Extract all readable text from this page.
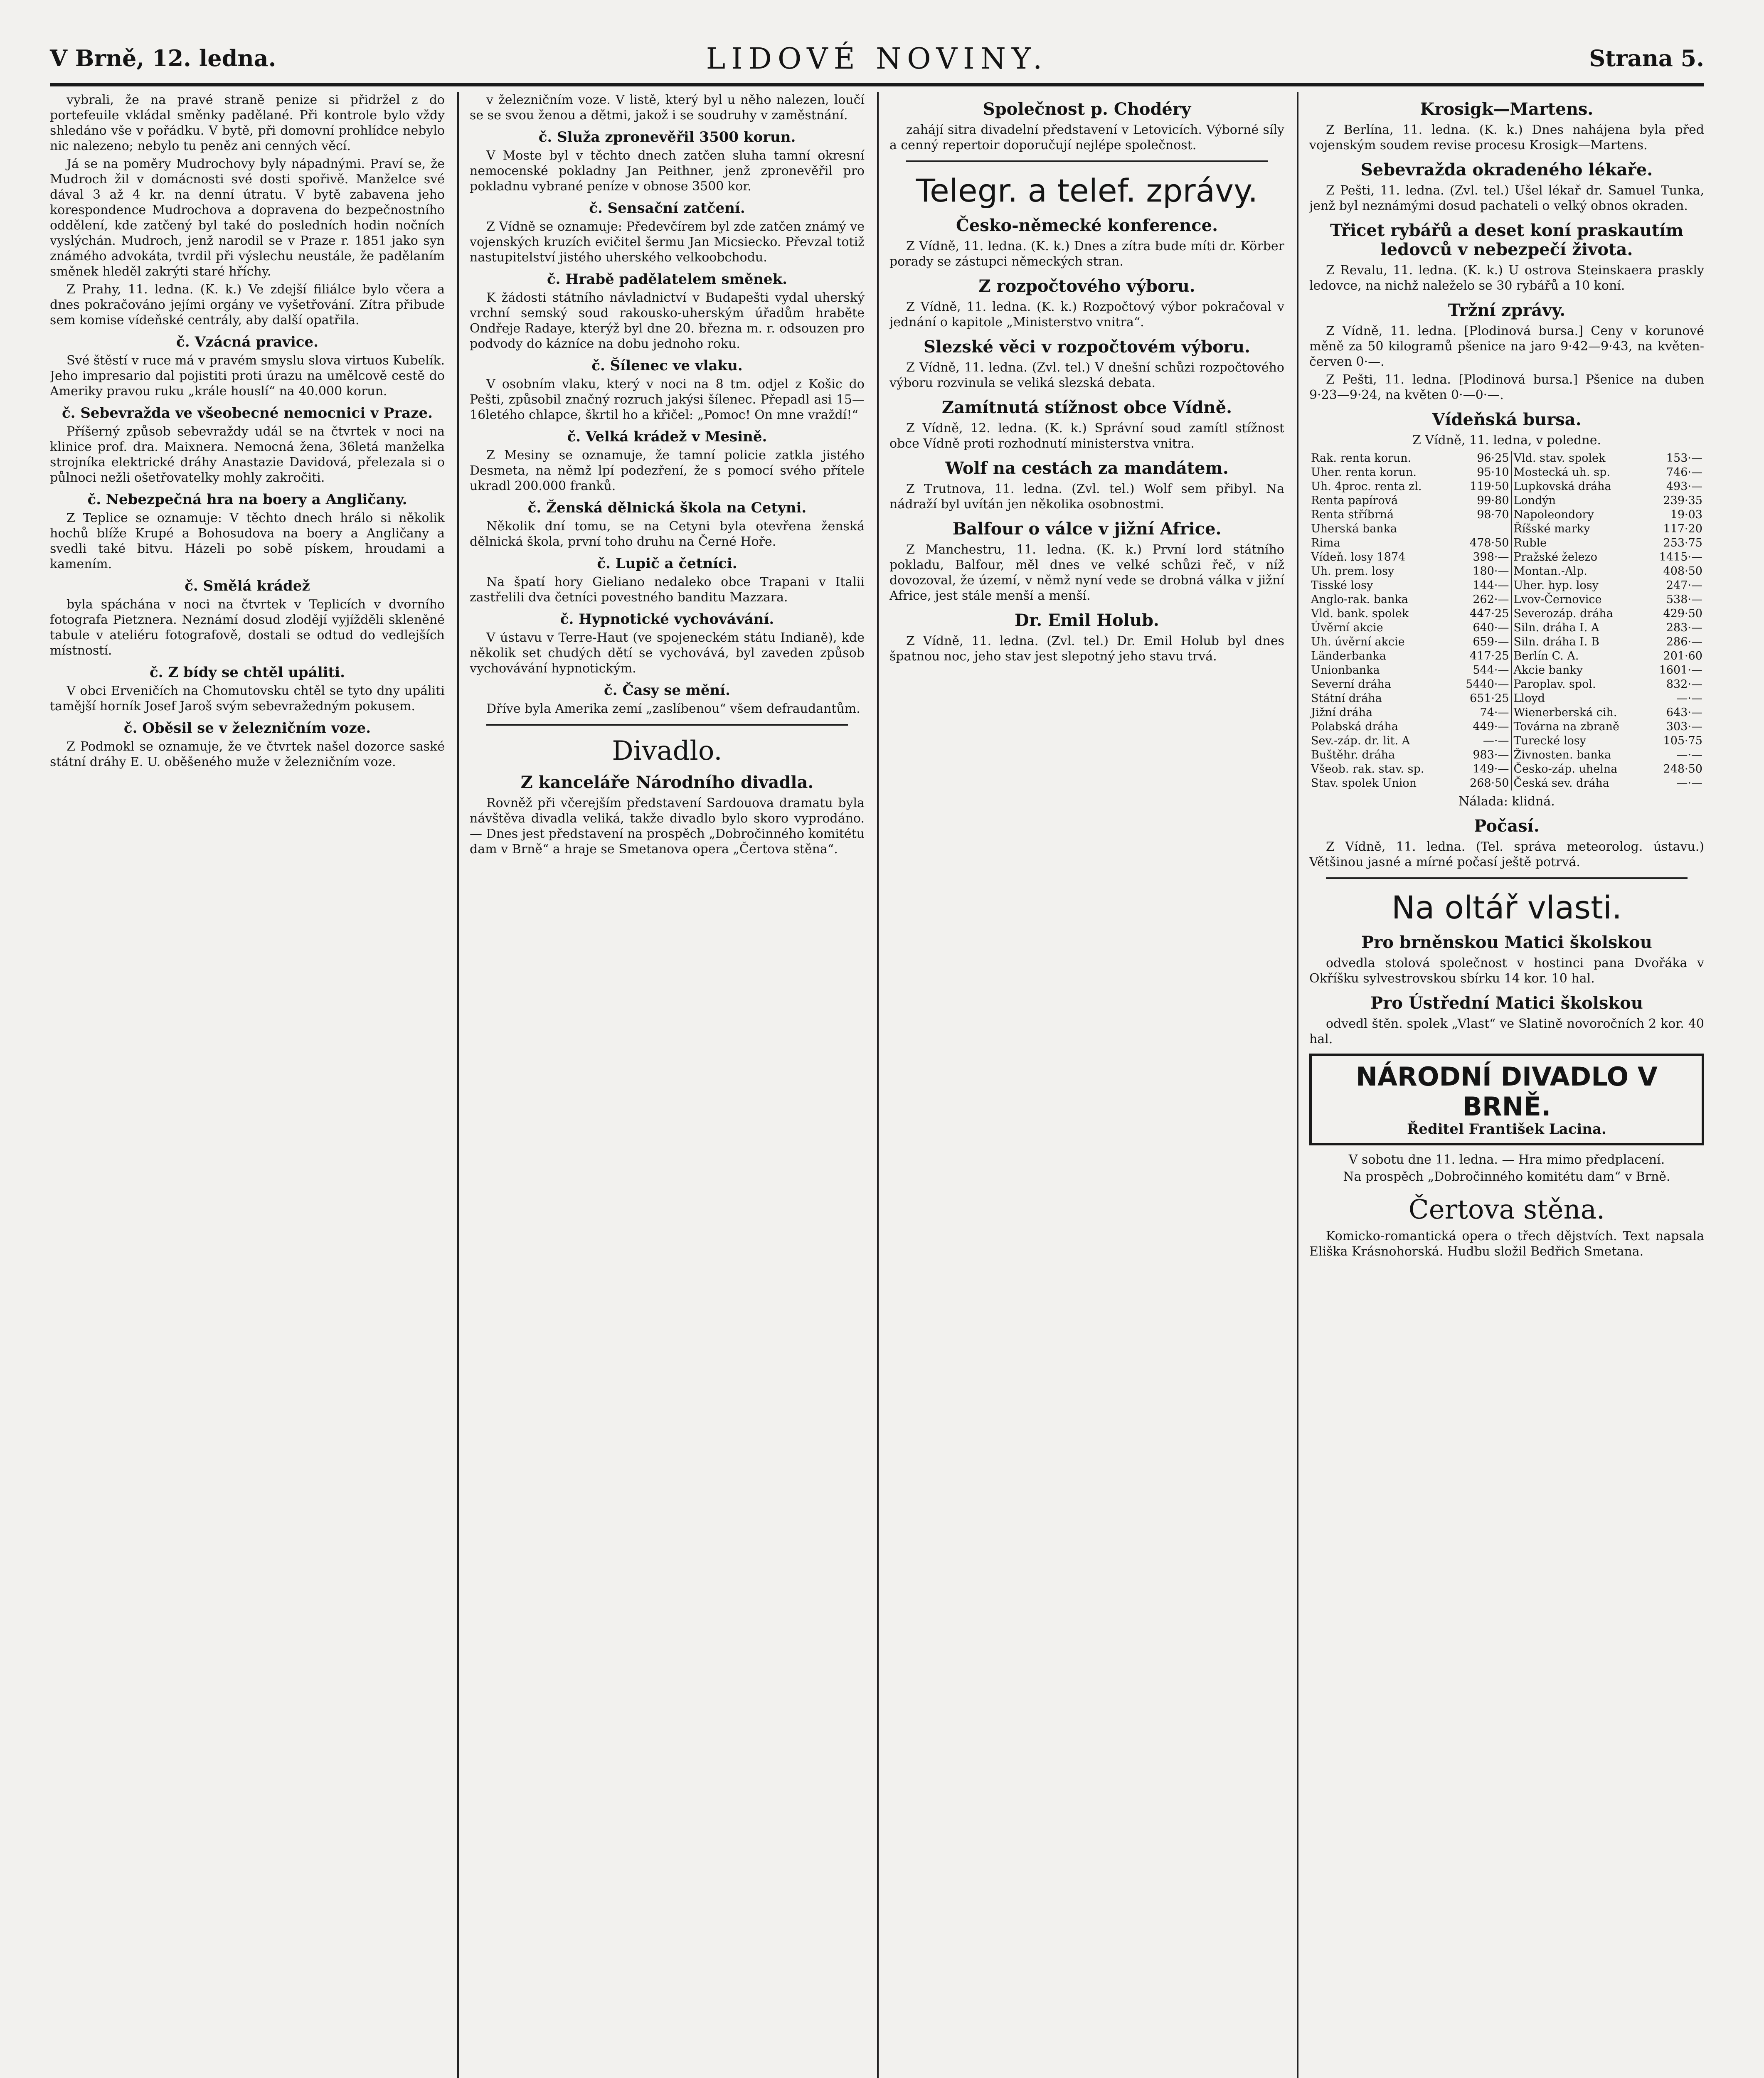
V Brně, 12. ledna.	LIDOVÉ NOVINY.	Strana 5.

vybrali, že na pravé straně penize si přidržel z do portefeuile vkládal směnky padělané. Při kontrole bylo vždy shledáno vše v pořádku. V bytě, při domovní prohlídce nebylo nic nalezeno; nebylo tu peněz ani cenných věcí.

Já se na poměry Mudrochovy byly nápadnými. Praví se, že Mudroch žil v domácnosti své dosti spořivě. Manželce své dával 3 až 4 kr. na denní útratu. V bytě zabavena jeho korespondence Mudrochova a dopravena do bezpečnostního oddělení, kde zatčený byl také do posledních hodin nočních vyslýchán. Mudroch, jenž narodil se v Praze r. 1851 jako syn známého advokáta, tvrdil při výslechu neustále, že padělaním směnek hleděl zakrýti staré hříchy.

Z Prahy, 11. ledna. (K. k.) Ve zdejší filiálce bylo včera a dnes pokračováno jejími orgány ve vyšetřování. Zítra přibude sem komise vídeňské centrály, aby další opatřila.

č. Vzácná pravice.

Své štěstí v ruce má v pravém smyslu slova virtuos Kubelík. Jeho impresario dal pojistiti proti úrazu na umělcově cestě do Ameriky pravou ruku „krále houslí“ na 40.000 korun.

č. Sebevražda ve všeobecné nemocnici v Praze.

Příšerný způsob sebevraždy udál se na čtvrtek v noci na klinice prof. dra. Maixnera. Nemocná žena, 36letá manželka strojníka elektrické dráhy Anastazie Davidová, přelezala si o půlnoci nežli ošetřovatelky mohly zakročiti.

č. Nebezpečná hra na boery a Angličany.

Z Teplice se oznamuje: V těchto dnech hrálo si několik hochů blíže Krupé a Bohosudova na boery a Angličany a svedli také bitvu. Házeli po sobě pískem, hroudami a kamením.

č. Smělá krádež

byla spáchána v noci na čtvrtek v Teplicích v dvorního fotografa Pietznera. Neznámí dosud zlodějí vyjížděli skleněné tabule v ateliéru fotografově, dostali se odtud do vedlejších místností.

č. Z bídy se chtěl upáliti.

V obci Erveničích na Chomutovsku chtěl se tyto dny upáliti tamější horník Josef Jaroš svým sebevražedným pokusem.

č. Oběsil se v železničním voze.

Z Podmokl se oznamuje, že ve čtvrtek našel dozorce saské státní dráhy E. U. oběšeného muže v železničním voze.

v železničním voze. V listě, který byl u něho nalezen, loučí se se svou ženou a dětmi, jakož i se soudruhy v zaměstnání.

č. Služa zpronevěřil 3500 korun.

V Moste byl v těchto dnech zatčen sluha tamní okresní nemocenské pokladny Jan Peithner, jenž zpronevěřil pro pokladnu vybrané peníze v obnose 3500 kor.

č. Sensační zatčení.

Z Vídně se oznamuje: Předevčírem byl zde zatčen známý ve vojenských kruzích evičitel šermu Jan Micsiecko. Převzal totiž nastupitelství jistého uherského velkoobchodu.

č. Hrabě padělatelem směnek.

K žádosti státního návladnictví v Budapešti vydal uherský vrchní semský soud rakousko-uherským úřadům hraběte Ondřeje Radaye, kterýž byl dne 20. března m. r. odsouzen pro podvody do kázníce na dobu jednoho roku.

č. Šílenec ve vlaku.

V osobním vlaku, který v noci na 8 tm. odjel z Košic do Pešti, způsobil značný rozruch jakýsi šílenec. Přepadl asi 15—16letého chlapce, škrtil ho a křičel: „Pomoc! On mne vraždí!“

č. Velká krádež v Mesině.

Z Mesiny se oznamuje, že tamní policie zatkla jistého Desmeta, na němž lpí podezření, že s pomocí svého přítele ukradl 200.000 franků.

č. Ženská dělnická škola na Cetyni.

Několik dní tomu, se na Cetyni byla otevřena ženská dělnická škola, první toho druhu na Černé Hoře.

č. Lupič a četníci.

Na špatí hory Gieliano nedaleko obce Trapani v Italii zastřelili dva četníci povestného banditu Mazzara.

č. Hypnotické vychovávání.

V ústavu v Terre-Haut (ve spojeneckém státu Indianě), kde několik set chudých dětí se vychovává, byl zaveden způsob vychovávání hypnotickým.

č. Časy se mění.

Dříve byla Amerika zemí „zaslíbenou“ všem defraudantům.

Divadlo.
Z kanceláře Národního divadla.

Rovněž při včerejším představení Sardouova dramatu byla návštěva divadla veliká, takže divadlo bylo skoro vyprodáno. — Dnes jest představení na prospěch „Dobročinného komitétu dam v Brně“ a hraje se Smetanova opera „Čertova stěna“.

Společnost p. Chodéry

zahájí sitra divadelní představení v Letovicích. Výborné síly a cenný repertoir doporučují nejlépe společnost.

Telegr. a telef. zprávy.
Česko-německé konference.

Z Vídně, 11. ledna. (K. k.) Dnes a zítra bude míti dr. Körber porady se zástupci německých stran.

Z rozpočtového výboru.

Z Vídně, 11. ledna. (K. k.) Rozpočtový výbor pokračoval v jednání o kapitole „Ministerstvo vnitra“.

Slezské věci v rozpočtovém výboru.

Z Vídně, 11. ledna. (Zvl. tel.) V dnešní schůzi rozpočtového výboru rozvinula se veliká slezská debata.

Zamítnutá stížnost obce Vídně.

Z Vídně, 12. ledna. (K. k.) Správní soud zamítl stížnost obce Vídně proti rozhodnutí ministerstva vnitra.

Wolf na cestách za mandátem.

Z Trutnova, 11. ledna. (Zvl. tel.) Wolf sem přibyl. Na nádraží byl uvítán jen několika osobnostmi.

Balfour o válce v jižní Africe.

Z Manchestru, 11. ledna. (K. k.) První lord státního pokladu, Balfour, měl dnes ve velké schůzi řeč, v níž dovozoval, že území, v němž nyní vede se drobná válka v jižní Africe, jest stále menší a menší.

Dr. Emil Holub.

Z Vídně, 11. ledna. (Zvl. tel.) Dr. Emil Holub byl dnes špatnou noc, jeho stav jest slepotný jeho stavu trvá.

Krosigk—Martens.

Z Berlína, 11. ledna. (K. k.) Dnes nahájena byla před vojenským soudem revise procesu Krosigk—Martens.

Sebevražda okradeného lékaře.

Z Pešti, 11. ledna. (Zvl. tel.) Ušel lékař dr. Samuel Tunka, jenž byl neznámými dosud pachateli o velký obnos okraden.

Třicet rybářů a deset koní praskautím ledovců v nebezpečí života.

Z Revalu, 11. ledna. (K. k.) U ostrova Steinskaera praskly ledovce, na nichž naleželo se 30 rybářů a 10 koní.

Tržní zprávy.

Z Vídně, 11. ledna. [Plodinová bursa.] Ceny v korunové měně za 50 kilogramů pšenice na jaro 9·42—9·43, na květen-červen 0·—.

Z Pešti, 11. ledna. [Plodinová bursa.] Pšenice na duben 9·23—9·24, na květen 0·—0·—.

Vídeňská bursa.

Z Vídně, 11. ledna, v poledne.

Rak. renta korun.	96·25	Vld. stav. spolek	153·—
Uher. renta korun.	95·10	Mostecká uh. sp.	746·—
Uh. 4proc. renta zl.	119·50	Lupkovská dráha	493·—
Renta papírová	99·80	Londýn	239·35
Renta stříbrná	98·70	Napoleondory	19·03
Uherská banka		Říšské marky	117·20
Rima	478·50	Ruble	253·75
Vídeň. losy 1874	398·—	Pražské železo	1415·—
Uh. prem. losy	180·—	Montan.-Alp.	408·50
Tisské losy	144·—	Uher. hyp. losy	247·—
Anglo-rak. banka	262·—	Lvov-Černovice	538·—
Vld. bank. spolek	447·25	Severozáp. dráha	429·50
Úvěrní akcie	640·—	Siln. dráha I. A	283·—
Uh. úvěrní akcie	659·—	Siln. dráha I. B	286·—
Länderbanka	417·25	Berlín C. A.	201·60
Unionbanka	544·—	Akcie banky	1601·—
Severní dráha	5440·—	Paroplav. spol.	832·—
Státní dráha	651·25	Lloyd	—·—
Jižní dráha	74·—	Wienerberská cih.	643·—
Polabská dráha	449·—	Továrna na zbraně	303·—
Sev.-záp. dr. lit. A	—·—	Turecké losy	105·75
Buštěhr. dráha	983·—	Živnosten. banka	—·—
Všeob. rak. stav. sp.	149·—	Česko-záp. uhelna	248·50
Stav. spolek Union	268·50	Česká sev. dráha	—·—

Nálada: klidná.

Počasí.

Z Vídně, 11. ledna. (Tel. správa meteorolog. ústavu.) Většinou jasné a mírné počasí ještě potrvá.

Na oltář vlasti.
Pro brněnskou Matici školskou

odvedla stolová společnost v hostinci pana Dvořáka v Okříšku sylvestrovskou sbírku 14 kor. 10 hal.

Pro Ústřední Matici školskou

odvedl štěn. spolek „Vlast“ ve Slatině novoročních 2 kor. 40 hal.

NÁRODNÍ DIVADLO V BRNĚ.
Ředitel František Lacina.

V sobotu dne 11. ledna. — Hra mimo předplacení.

Na prospěch „Dobročinného komitétu dam“ v Brně.

Čertova stěna.

Komicko-romantická opera o třech dějstvích. Text napsala Eliška Krásnohorská. Hudbu složil Bedřich Smetana.
